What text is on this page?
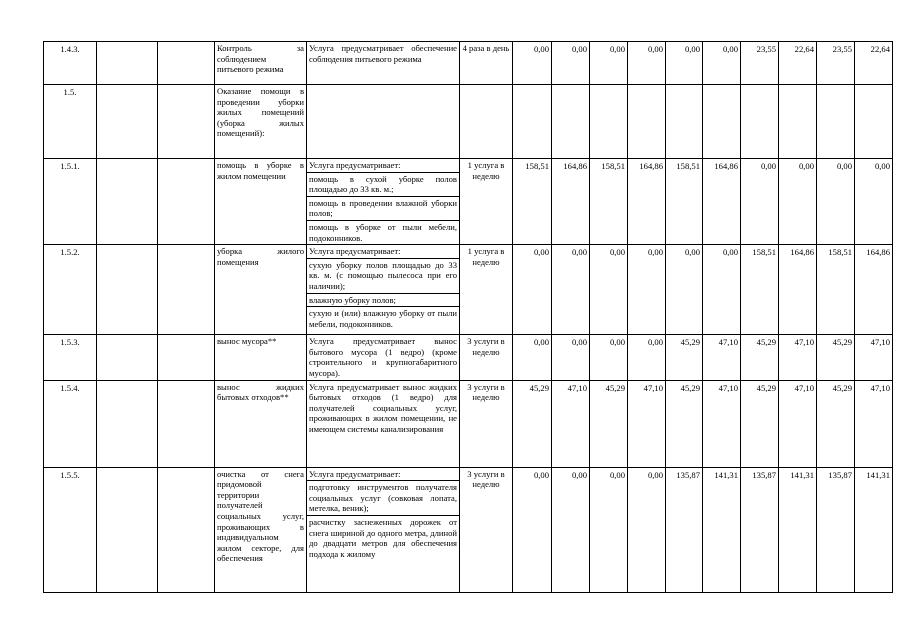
1.4.3.			Контроль за соблюдением питьевого режима	Услуга предусматривает обеспечение соблюдения питьевого режима	4 раза в день	0,00	0,00	0,00	0,00	0,00	0,00	23,55	22,64	23,55	22,64
1.5.			Оказание помощи в проведении уборки жилых помещений (уборка жилых помещений):												
1.5.1.			помощь в уборке в жилом помещении	Услуга предусматривает:
помощь в сухой уборке полов площадью до 33 кв. м.;
помощь в проведении влажной уборки полов;
помощь в уборке от пыли мебели, подоконников.	1 услуга в неделю	158,51	164,86	158,51	164,86	158,51	164,86	0,00	0,00	0,00	0,00
1.5.2.			уборка жилого помещения	Услуга предусматривает:
сухую уборку полов площадью до 33 кв. м. (с помощью пылесоса при его наличии);
влажную уборку полов;
сухую и (или) влажную уборку от пыли мебели, подоконников.	1 услуга в неделю	0,00	0,00	0,00	0,00	0,00	0,00	158,51	164,86	158,51	164,86
1.5.3.			вынос мусора**	Услуга предусматривает вынос бытового мусора (1 ведро) (кроме строительного и крупногабаритного мусора).	3 услуги в неделю	0,00	0,00	0,00	0,00	45,29	47,10	45,29	47,10	45,29	47,10
1.5.4.			вынос жидких бытовых отходов**	Услуга предусматривает вынос жидких бытовых отходов (1 ведро) для получателей социальных услуг, проживающих в жилом помещении, не имеющем системы канализирования	3 услуги в неделю	45,29	47,10	45,29	47,10	45,29	47,10	45,29	47,10	45,29	47,10
1.5.5.			очистка от снега придомовой территории получателей социальных услуг, проживающих в индивидуальном жилом секторе, для обеспечения	Услуга предусматривает:
подготовку инструментов получателя социальных услуг (совковая лопата, метелка, веник);
расчистку заснеженных дорожек от снега шириной до одного метра, длиной до двадцати метров для обеспечения подхода к жилому	3 услуги в неделю	0,00	0,00	0,00	0,00	135,87	141,31	135,87	141,31	135,87	141,31
